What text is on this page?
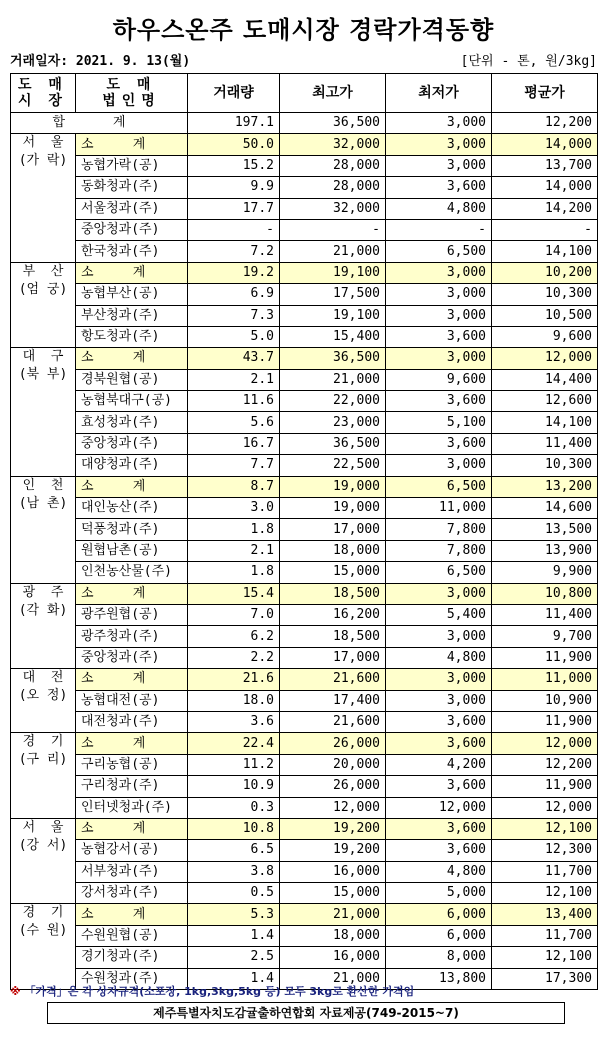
하우스온주 도매시장 경락가격동향
거래일자: 2021. 9. 13(월)	[단위 - 톤, 원/3kg]
도 매
시 장	도 매
법인명	거래량	최고가	최저가	평균가
합 계		197.1	36,500	3,000	12,200

서  울
(가 락)	소     계	50.0	32,000	3,000	14,000
	농협가락(공)	15.2	28,000	3,000	13,700
	동화청과(주)	9.9	28,000	3,600	14,000
	서울청과(주)	17.7	32,000	4,800	14,200
	중앙청과(주)	-	-	-	-
	한국청과(주)	7.2	21,000	6,500	14,100

부  산
(엄 궁)	소     계	19.2	19,100	3,000	10,200
	농협부산(공)	6.9	17,500	3,000	10,300
	부산청과(주)	7.3	19,100	3,000	10,500
	항도청과(주)	5.0	15,400	3,600	9,600

대  구
(북 부)	소     계	43.7	36,500	3,000	12,000
	경북원협(공)	2.1	21,000	9,600	14,400
	농협북대구(공)	11.6	22,000	3,600	12,600
	효성청과(주)	5.6	23,000	5,100	14,100
	중앙청과(주)	16.7	36,500	3,600	11,400
	대양청과(주)	7.7	22,500	3,000	10,300

인  천
(남 촌)	소     계	8.7	19,000	6,500	13,200
	대인농산(주)	3.0	19,000	11,000	14,600
	덕풍청과(주)	1.8	17,000	7,800	13,500
	원협남촌(공)	2.1	18,000	7,800	13,900
	인천농산물(주)	1.8	15,000	6,500	9,900

광  주
(각 화)	소     계	15.4	18,500	3,000	10,800
	광주원협(공)	7.0	16,200	5,400	11,400
	광주청과(주)	6.2	18,500	3,000	9,700
	중앙청과(주)	2.2	17,000	4,800	11,900

대  전
(오 정)	소     계	21.6	21,600	3,000	11,000
	농협대전(공)	18.0	17,400	3,000	10,900
	대전청과(주)	3.6	21,600	3,600	11,900

경  기
(구 리)	소     계	22.4	26,000	3,600	12,000
	구리농협(공)	11.2	20,000	4,200	12,200
	구리청과(주)	10.9	26,000	3,600	11,900
	인터넷청과(주)	0.3	12,000	12,000	12,000

서  울
(강 서)	소     계	10.8	19,200	3,600	12,100
	농협강서(공)	6.5	19,200	3,600	12,300
	서부청과(주)	3.8	16,000	4,800	11,700
	강서청과(주)	0.5	15,000	5,000	12,100

경  기
(수 원)	소     계	5.3	21,000	6,000	13,400
	수원원협(공)	1.4	18,000	6,000	11,700
	경기청과(주)	2.5	16,000	8,000	12,100
	수원청과(주)	1.4	21,000	13,800	17,300
※ 「가격」은 각 상자규격(소포장, 1kg,3kg,5kg 등) 모두 3kg로 환산한 가격임
제주특별자치도감귤출하연합회 자료제공(749-2015~7)
